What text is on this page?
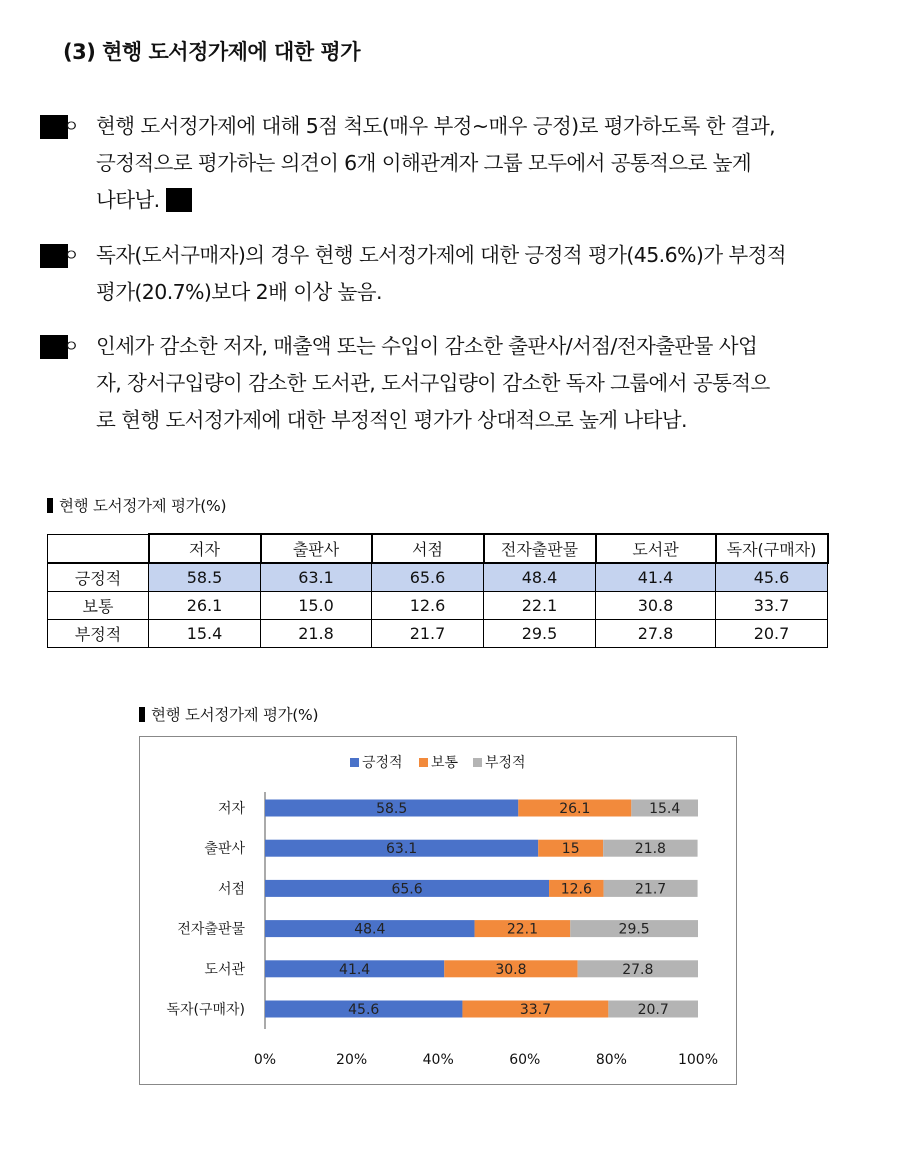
(3) 현행 도서정가제에 대한 평가
ㅇ 현행 도서정가제에 대해 5점 척도(매우 부정~매우 긍정)로 평가하도록 한 결과,
긍정적으로 평가하는 의견이 6개 이해관계자 그룹 모두에서 공통적으로 높게
나타남.
ㅇ 독자(도서구매자)의 경우 현행 도서정가제에 대한 긍정적 평가(45.6%)가 부정적
평가(20.7%)보다 2배 이상 높음.
ㅇ 인세가 감소한 저자, 매출액 또는 수입이 감소한 출판사/서점/전자출판물 사업
자, 장서구입량이 감소한 도서관, 도서구입량이 감소한 독자 그룹에서 공통적으
로 현행 도서정가제에 대한 부정적인 평가가 상대적으로 높게 나타남.
현행 도서정가제 평가(%)
	저자	출판사	서점	전자출판물	도서관	독자(구매자)
긍정적	58.5	63.1	65.6	48.4	41.4	45.6
보통	26.1	15.0	12.6	22.1	30.8	33.7
부정적	15.4	21.8	21.7	29.5	27.8	20.7
현행 도서정가제 평가(%)
긍정적 보통 부정적
저자	58.5	26.1	15.4
출판사	63.1	15	21.8
서점	65.6	12.6	21.7
전자출판물	48.4	22.1	29.5
도서관	41.4	30.8	27.8
독자(구매자)	45.6	33.7	20.7
0%	20%	40%	60%	80%	100%
